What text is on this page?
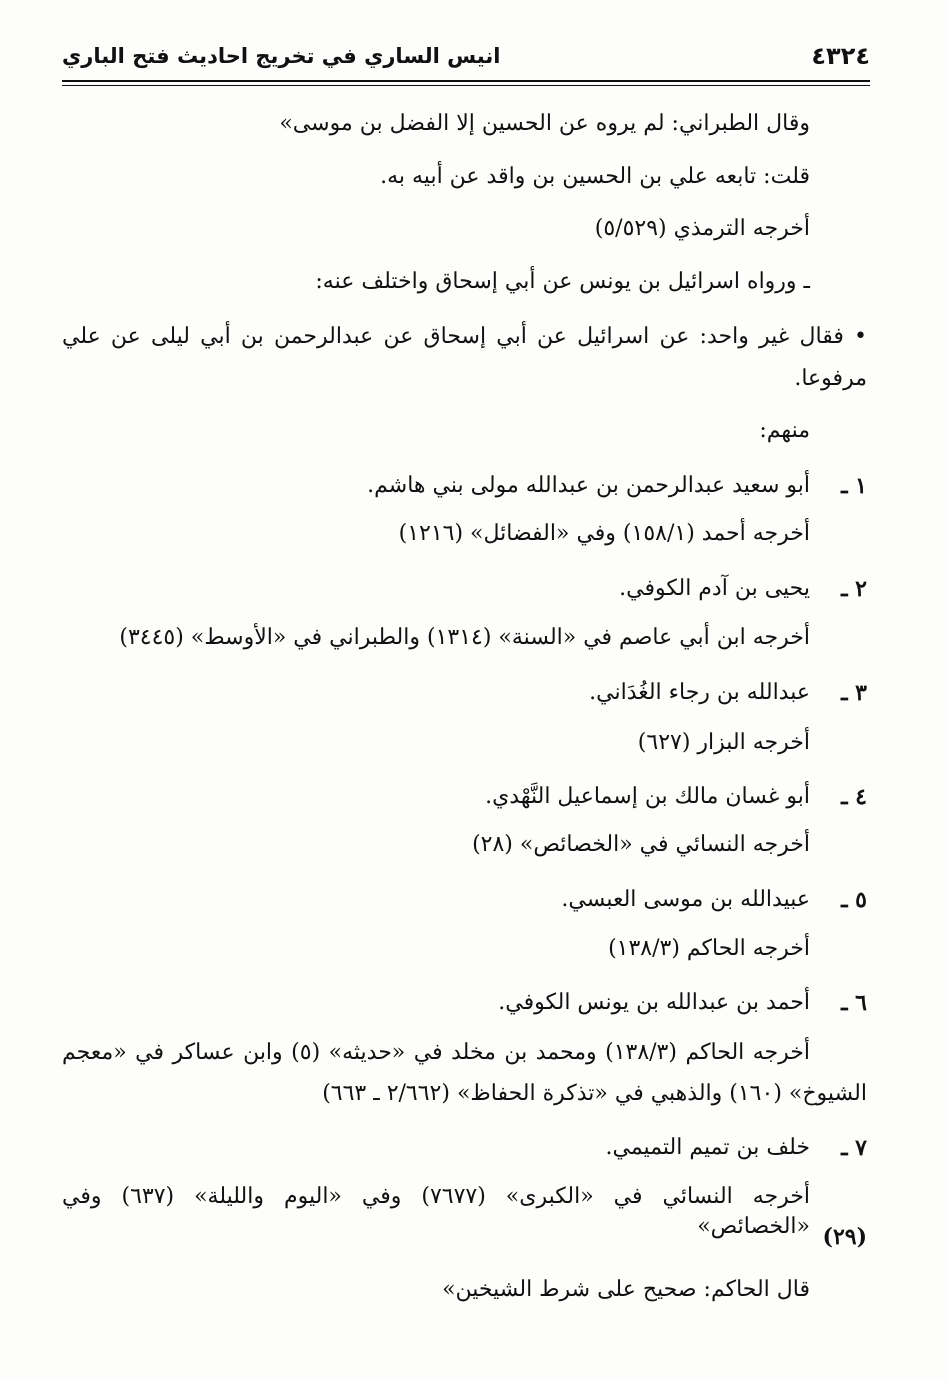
٤٣٢٤
انيس الساري في تخريج احاديث فتح الباري
وقال الطبراني: لم يروه عن الحسين إلا الفضل بن موسى»
قلت: تابعه علي بن الحسين بن واقد عن أبيه به.
أخرجه الترمذي (٥/٥٢٩)
ـ ورواه اسرائيل بن يونس عن أبي إسحاق واختلف عنه:
• فقال غير واحد: عن اسرائيل عن أبي إسحاق عن عبدالرحمن بن أبي ليلى عن علي
مرفوعا.
منهم:
١ ـ
أبو سعيد عبدالرحمن بن عبدالله مولى بني هاشم.
أخرجه أحمد (١٥٨/١) وفي «الفضائل» (١٢١٦)
٢ ـ
يحيى بن آدم الكوفي.
أخرجه ابن أبي عاصم في «السنة» (١٣١٤) والطبراني في «الأوسط» (٣٤٤٥)
٣ ـ
عبدالله بن رجاء الغُدَاني.
أخرجه البزار (٦٢٧)
٤ ـ
أبو غسان مالك بن إسماعيل النَّهْدي.
أخرجه النسائي في «الخصائص» (٢٨)
٥ ـ
عبيدالله بن موسى العبسي.
أخرجه الحاكم (١٣٨/٣)
٦ ـ
أحمد بن عبدالله بن يونس الكوفي.
أخرجه الحاكم (١٣٨/٣) ومحمد بن مخلد في «حديثه» (٥) وابن عساكر في «معجم
الشيوخ» (١٦٠) والذهبي في «تذكرة الحفاظ» (٢/٦٦٢ ـ ٦٦٣)
٧ ـ
خلف بن تميم التميمي.
أخرجه النسائي في «الكبرى» (٧٦٧٧) وفي «اليوم والليلة» (٦٣٧) وفي «الخصائص» (٢٩)
قال الحاكم: صحيح على شرط الشيخين»
